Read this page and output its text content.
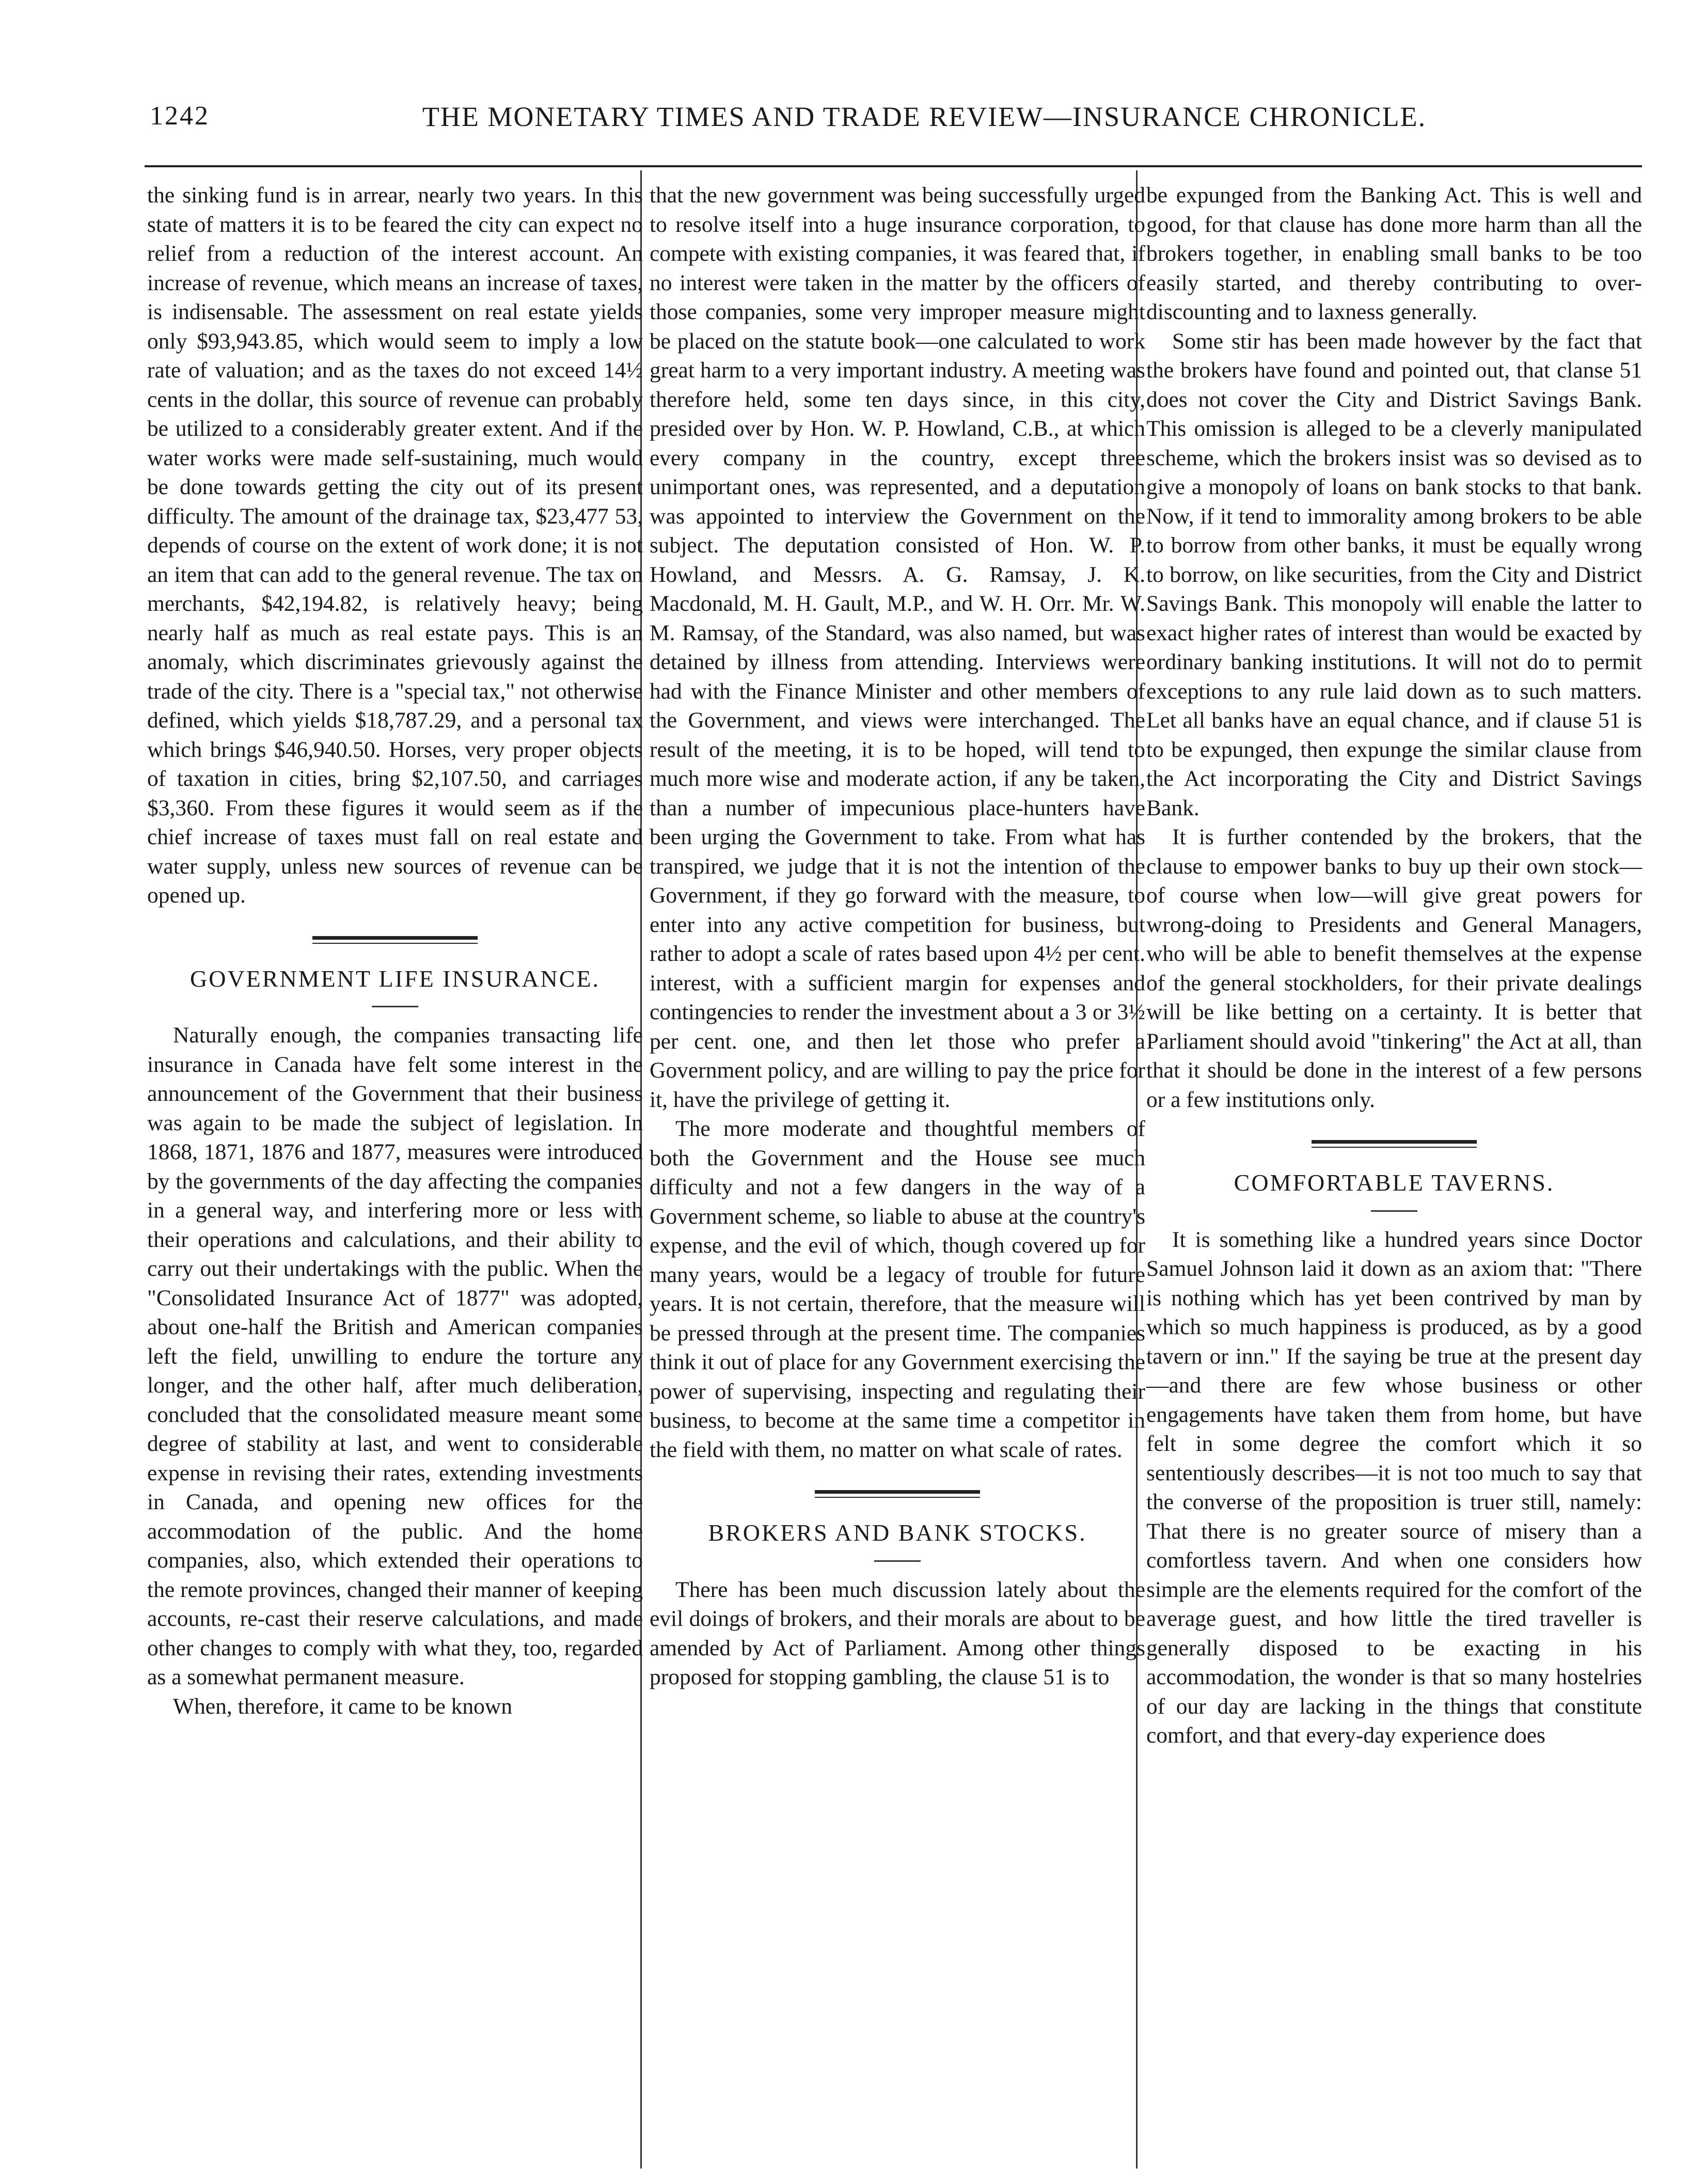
1242	THE MONETARY TIMES AND TRADE REVIEW—INSURANCE CHRONICLE.

the sinking fund is in arrear, nearly two years. In this state of matters it is to be feared the city can expect no relief from a reduction of the interest account. An increase of revenue, which means an increase of taxes, is indisensable. The assessment on real estate yields only $93,943.85, which would seem to imply a low rate of valuation; and as the taxes do not exceed 14½ cents in the dollar, this source of revenue can probably be utilized to a considerably greater extent. And if the water works were made self-sustaining, much would be done towards getting the city out of its present difficulty. The amount of the drainage tax, $23,477 53, depends of course on the extent of work done; it is not an item that can add to the general revenue. The tax on merchants, $42,194.82, is relatively heavy; being nearly half as much as real estate pays. This is an anomaly, which discriminates grievously against the trade of the city. There is a "special tax," not otherwise defined, which yields $18,787.29, and a personal tax which brings $46,940.50. Horses, very proper objects of taxation in cities, bring $2,107.50, and carriages $3,360. From these figures it would seem as if the chief increase of taxes must fall on real estate and water supply, unless new sources of revenue can be opened up.

GOVERNMENT LIFE INSURANCE.

Naturally enough, the companies transacting life insurance in Canada have felt some interest in the announcement of the Government that their business was again to be made the subject of legislation. In 1868, 1871, 1876 and 1877, measures were introduced by the governments of the day affecting the companies in a general way, and interfering more or less with their operations and calculations, and their ability to carry out their undertakings with the public. When the "Consolidated Insurance Act of 1877" was adopted, about one-half the British and American companies left the field, unwilling to endure the torture any longer, and the other half, after much deliberation, concluded that the consolidated measure meant some degree of stability at last, and went to considerable expense in revising their rates, extending investments in Canada, and opening new offices for the accommodation of the public. And the home companies, also, which extended their operations to the remote provinces, changed their manner of keeping accounts, re-cast their reserve calculations, and made other changes to comply with what they, too, regarded as a somewhat permanent measure.

When, therefore, it came to be known

that the new government was being successfully urged to resolve itself into a huge insurance corporation, to compete with existing companies, it was feared that, if no interest were taken in the matter by the officers of those companies, some very improper measure might be placed on the statute book—one calculated to work great harm to a very important industry. A meeting was therefore held, some ten days since, in this city, presided over by Hon. W. P. Howland, C.B., at which every company in the country, except three unimportant ones, was represented, and a deputation was appointed to interview the Government on the subject. The deputation consisted of Hon. W. P. Howland, and Messrs. A. G. Ramsay, J. K. Macdonald, M. H. Gault, M.P., and W. H. Orr. Mr. W. M. Ramsay, of the Standard, was also named, but was detained by illness from attending. Interviews were had with the Finance Minister and other members of the Government, and views were interchanged. The result of the meeting, it is to be hoped, will tend to much more wise and moderate action, if any be taken, than a number of impecunious place-hunters have been urging the Government to take. From what has transpired, we judge that it is not the intention of the Government, if they go forward with the measure, to enter into any active competition for business, but rather to adopt a scale of rates based upon 4½ per cent. interest, with a sufficient margin for expenses and contingencies to render the investment about a 3 or 3½ per cent. one, and then let those who prefer a Government policy, and are willing to pay the price for it, have the privilege of getting it.

The more moderate and thoughtful members of both the Government and the House see much difficulty and not a few dangers in the way of a Government scheme, so liable to abuse at the country's expense, and the evil of which, though covered up for many years, would be a legacy of trouble for future years. It is not certain, therefore, that the measure will be pressed through at the present time. The companies think it out of place for any Government exercising the power of supervising, inspecting and regulating their business, to become at the same time a competitor in the field with them, no matter on what scale of rates.

BROKERS AND BANK STOCKS.

There has been much discussion lately about the evil doings of brokers, and their morals are about to be amended by Act of Parliament. Among other things proposed for stopping gambling, the clause 51 is to

be expunged from the Banking Act. This is well and good, for that clause has done more harm than all the brokers together, in enabling small banks to be too easily started, and thereby contributing to over-discounting and to laxness generally.

Some stir has been made however by the fact that the brokers have found and pointed out, that clanse 51 does not cover the City and District Savings Bank. This omission is alleged to be a cleverly manipulated scheme, which the brokers insist was so devised as to give a monopoly of loans on bank stocks to that bank. Now, if it tend to immorality among brokers to be able to borrow from other banks, it must be equally wrong to borrow, on like securities, from the City and District Savings Bank. This monopoly will enable the latter to exact higher rates of interest than would be exacted by ordinary banking institutions. It will not do to permit exceptions to any rule laid down as to such matters. Let all banks have an equal chance, and if clause 51 is to be expunged, then expunge the similar clause from the Act incorporating the City and District Savings Bank.

It is further contended by the brokers, that the clause to empower banks to buy up their own stock—of course when low—will give great powers for wrong-doing to Presidents and General Managers, who will be able to benefit themselves at the expense of the general stockholders, for their private dealings will be like betting on a certainty. It is better that Parliament should avoid "tinkering" the Act at all, than that it should be done in the interest of a few persons or a few institutions only.

COMFORTABLE TAVERNS.

It is something like a hundred years since Doctor Samuel Johnson laid it down as an axiom that: "There is nothing which has yet been contrived by man by which so much happiness is produced, as by a good tavern or inn." If the saying be true at the present day—and there are few whose business or other engagements have taken them from home, but have felt in some degree the comfort which it so sententiously describes—it is not too much to say that the converse of the proposition is truer still, namely: That there is no greater source of misery than a comfortless tavern. And when one considers how simple are the elements required for the comfort of the average guest, and how little the tired traveller is generally disposed to be exacting in his accommodation, the wonder is that so many hostelries of our day are lacking in the things that constitute comfort, and that every-day experience does
